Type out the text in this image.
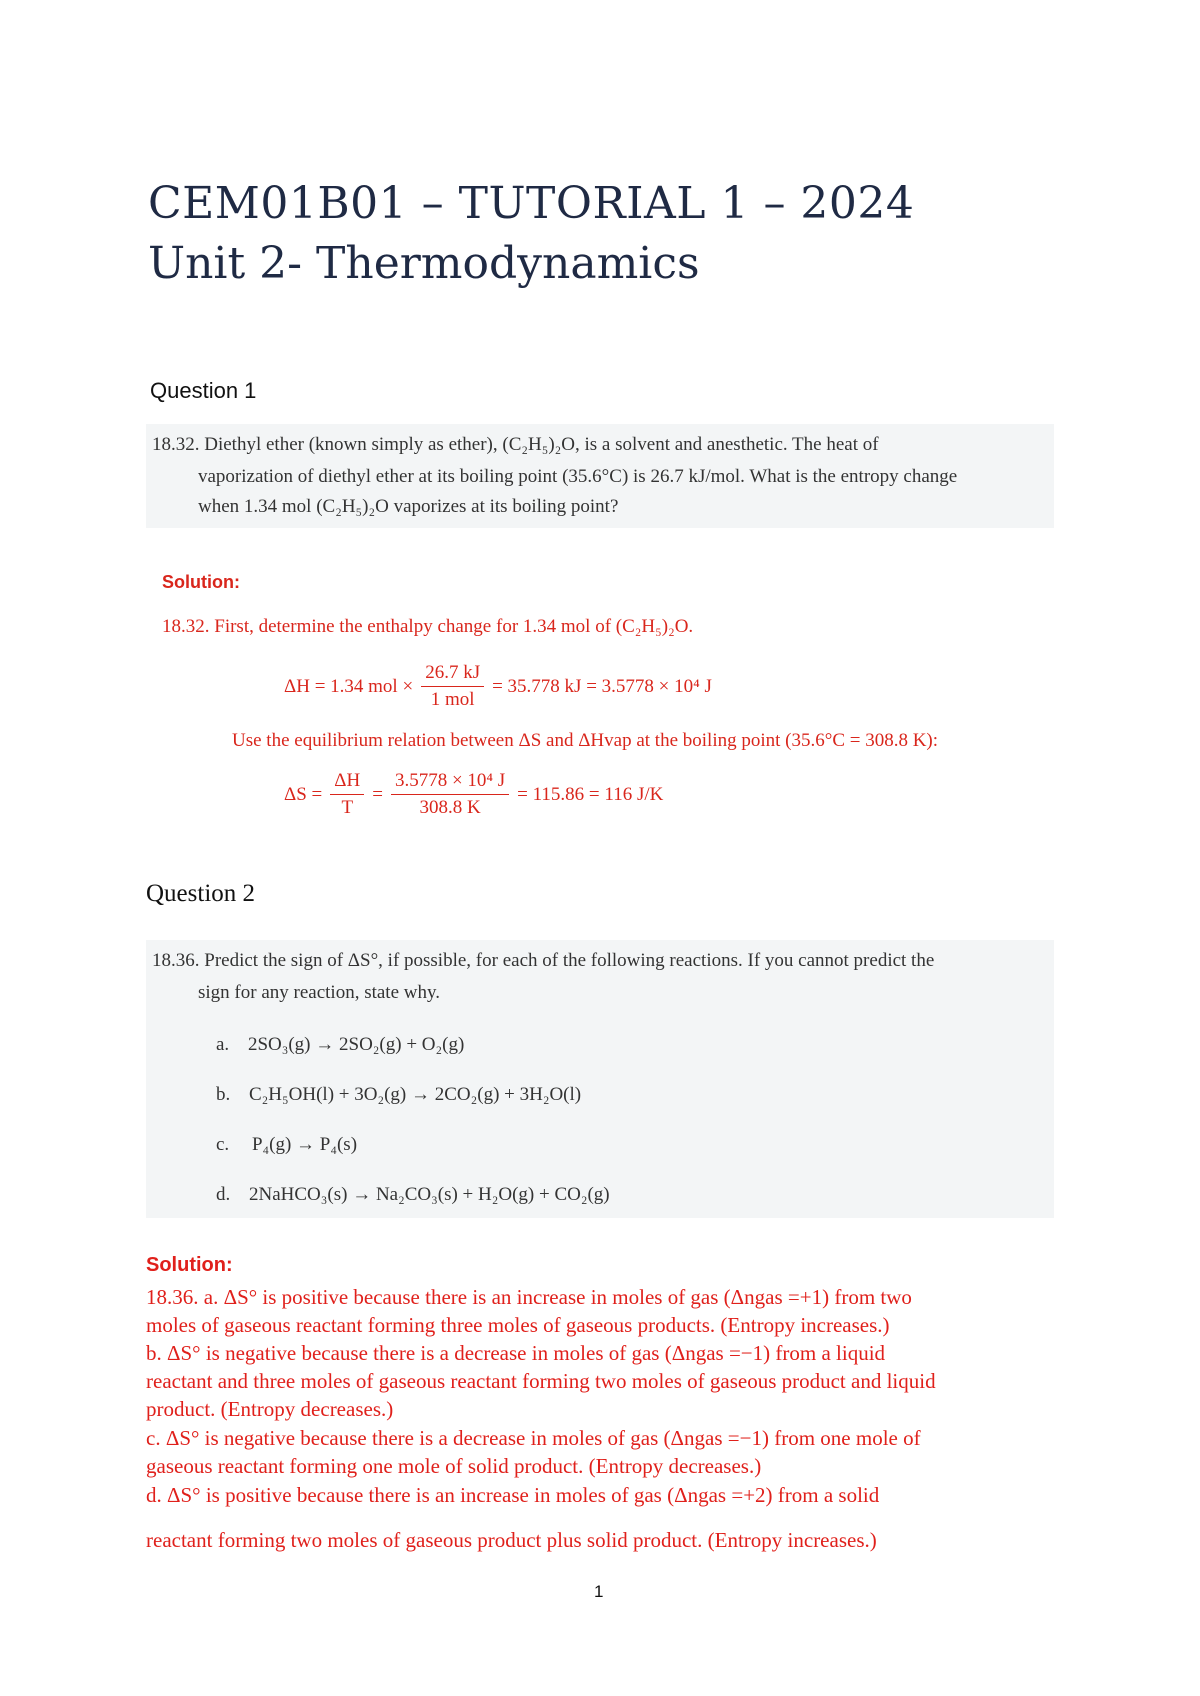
CEM01B01 – TUTORIAL 1 – 2024
Unit 2- Thermodynamics
Question 1
18.32. Diethyl ether (known simply as ether), (C₂H₅)₂O, is a solvent and anesthetic. The heat of
vaporization of diethyl ether at its boiling point (35.6°C) is 26.7 kJ/mol. What is the entropy change
when 1.34 mol (C₂H₅)₂O vaporizes at its boiling point?
Solution:
18.32. First, determine the enthalpy change for 1.34 mol of (C₂H₅)₂O.
ΔH = 1.34 mol × $\frac{26.7 kJ}{\text{1 mol}} = 35.778$ kJ = 3.5778 × 10⁴ J
Use the equilibrium relation between ΔS and ΔHvap at the boiling point (35.6°C = 308.8 K):
$\Delta S = \frac{\Delta H}{T} = \frac{\text{3.5778 × 10⁴ J}}{308.8 K} = 115.86 = 116$ J/K
Question 2
18.36. Predict the sign of ΔS°, if possible, for each of the following reactions. If you cannot predict the
sign for any reaction, state why.
a. 2SO₃(g) → 2SO₂(g) + O₂(g)
b. C₂H₅OH(l) + 3O₂(g) → 2CO₂(g) + 3H₂O(l)
c. P₄(g) → P₄(s)
d. 2NaHCO₃(s) → Na₂CO₃(s) + H₂O(g) + CO₂(g)
Solution:
18.36. a. ΔS° is positive because there is an increase in moles of gas (Δngas =+1) from two
moles of gaseous reactant forming three moles of gaseous products. (Entropy increases.)
b. ΔS° is negative because there is a decrease in moles of gas (Δngas =−1) from a liquid
reactant and three moles of gaseous reactant forming two moles of gaseous product and liquid
product. (Entropy decreases.)
c. ΔS° is negative because there is a decrease in moles of gas (Δngas =−1) from one mole of
gaseous reactant forming one mole of solid product. (Entropy decreases.)
d. ΔS° is positive because there is an increase in moles of gas (Δngas =+2) from a solid
reactant forming two moles of gaseous product plus solid product. (Entropy increases.)
1
